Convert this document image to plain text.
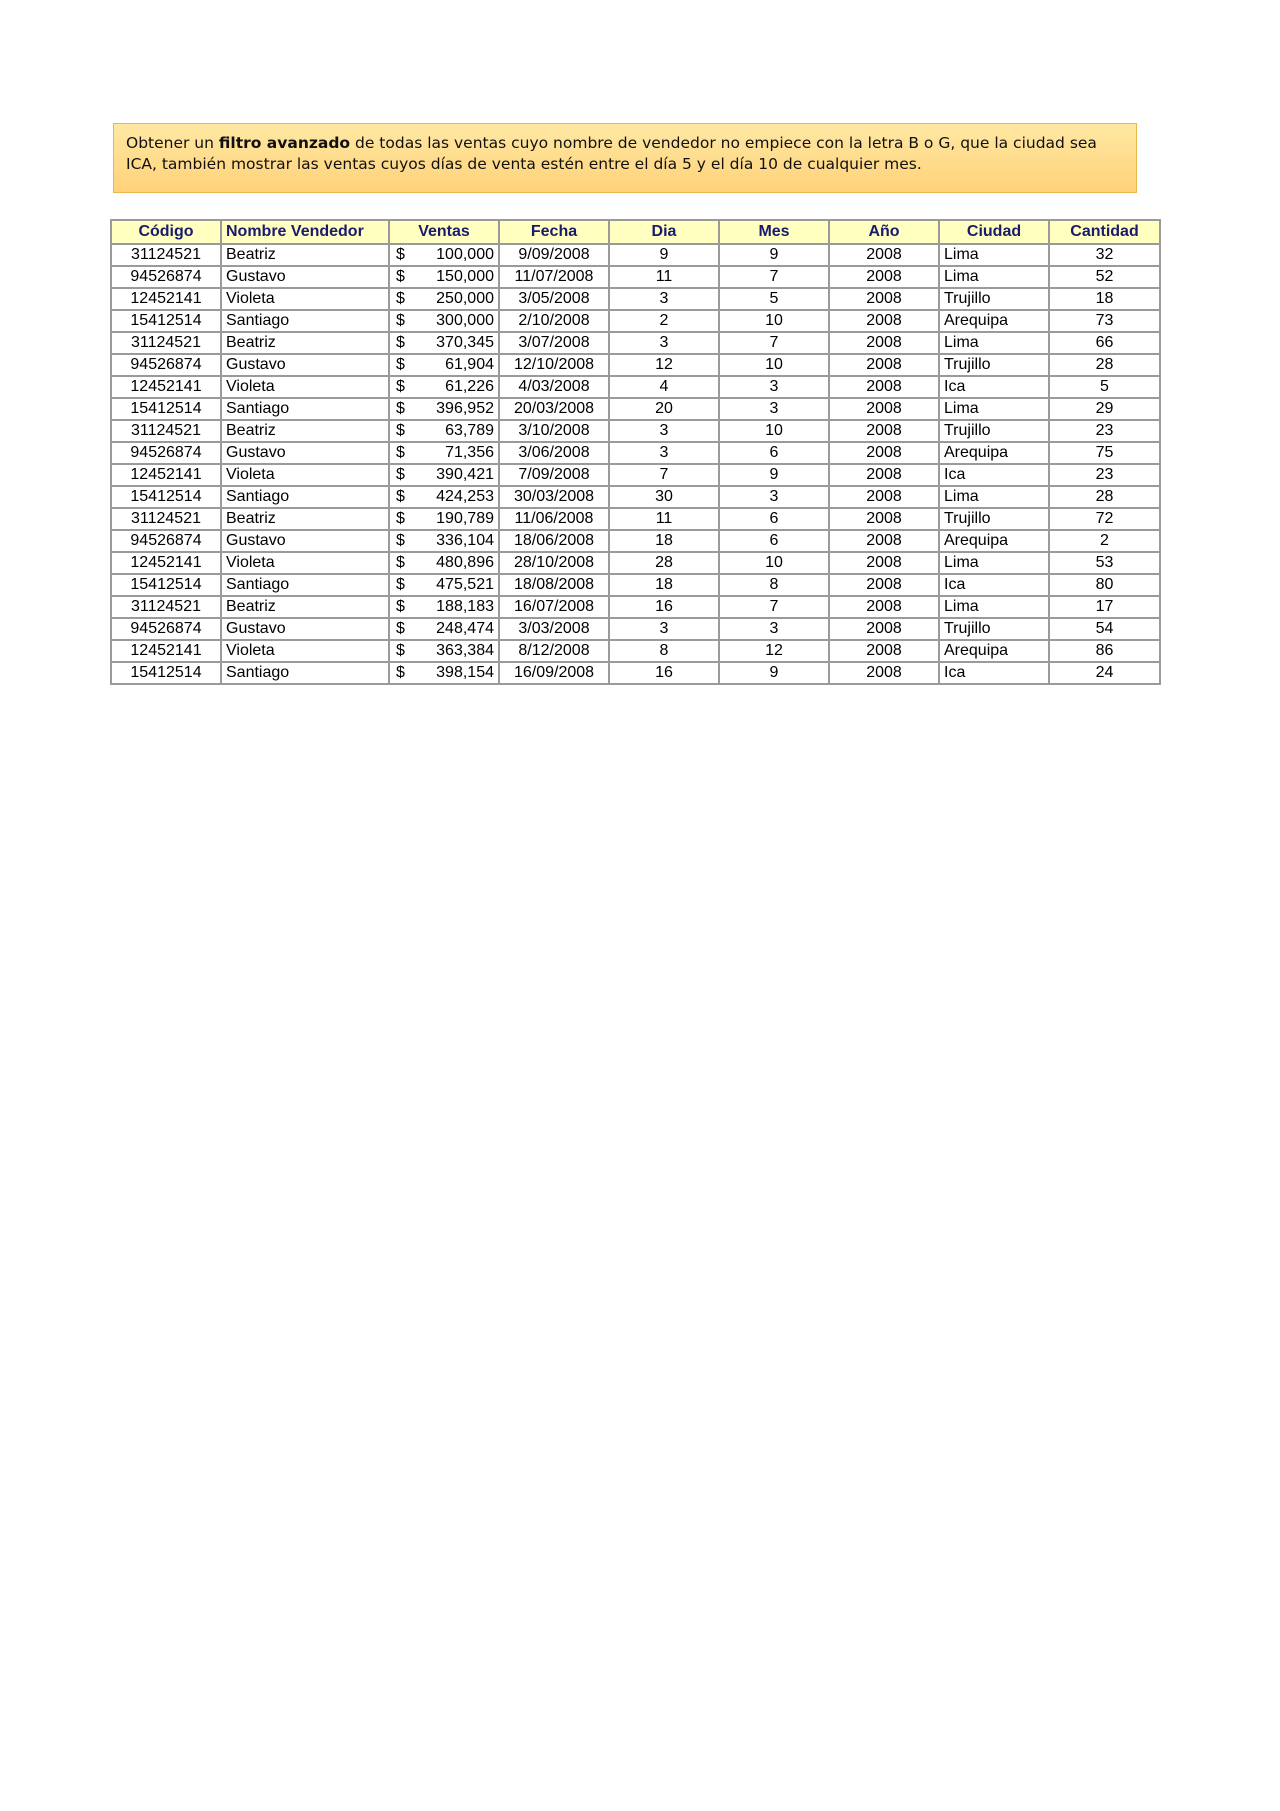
Obtener un filtro avanzado de todas las ventas cuyo nombre de vendedor no empiece con la letra B o G, que la ciudad sea ICA, también mostrar las ventas cuyos días de venta estén entre el día 5 y el día 10 de cualquier mes.
Código	Nombre Vendedor	Ventas	Fecha	Dia	Mes	Año	Ciudad	Cantidad
31124521	Beatriz	$ 100,000	9/09/2008	9	9	2008	Lima	32
94526874	Gustavo	$ 150,000	11/07/2008	11	7	2008	Lima	52
12452141	Violeta	$ 250,000	3/05/2008	3	5	2008	Trujillo	18
15412514	Santiago	$ 300,000	2/10/2008	2	10	2008	Arequipa	73
31124521	Beatriz	$ 370,345	3/07/2008	3	7	2008	Lima	66
94526874	Gustavo	$ 61,904	12/10/2008	12	10	2008	Trujillo	28
12452141	Violeta	$ 61,226	4/03/2008	4	3	2008	Ica	5
15412514	Santiago	$ 396,952	20/03/2008	20	3	2008	Lima	29
31124521	Beatriz	$ 63,789	3/10/2008	3	10	2008	Trujillo	23
94526874	Gustavo	$ 71,356	3/06/2008	3	6	2008	Arequipa	75
12452141	Violeta	$ 390,421	7/09/2008	7	9	2008	Ica	23
15412514	Santiago	$ 424,253	30/03/2008	30	3	2008	Lima	28
31124521	Beatriz	$ 190,789	11/06/2008	11	6	2008	Trujillo	72
94526874	Gustavo	$ 336,104	18/06/2008	18	6	2008	Arequipa	2
12452141	Violeta	$ 480,896	28/10/2008	28	10	2008	Lima	53
15412514	Santiago	$ 475,521	18/08/2008	18	8	2008	Ica	80
31124521	Beatriz	$ 188,183	16/07/2008	16	7	2008	Lima	17
94526874	Gustavo	$ 248,474	3/03/2008	3	3	2008	Trujillo	54
12452141	Violeta	$ 363,384	8/12/2008	8	12	2008	Arequipa	86
15412514	Santiago	$ 398,154	16/09/2008	16	9	2008	Ica	24
